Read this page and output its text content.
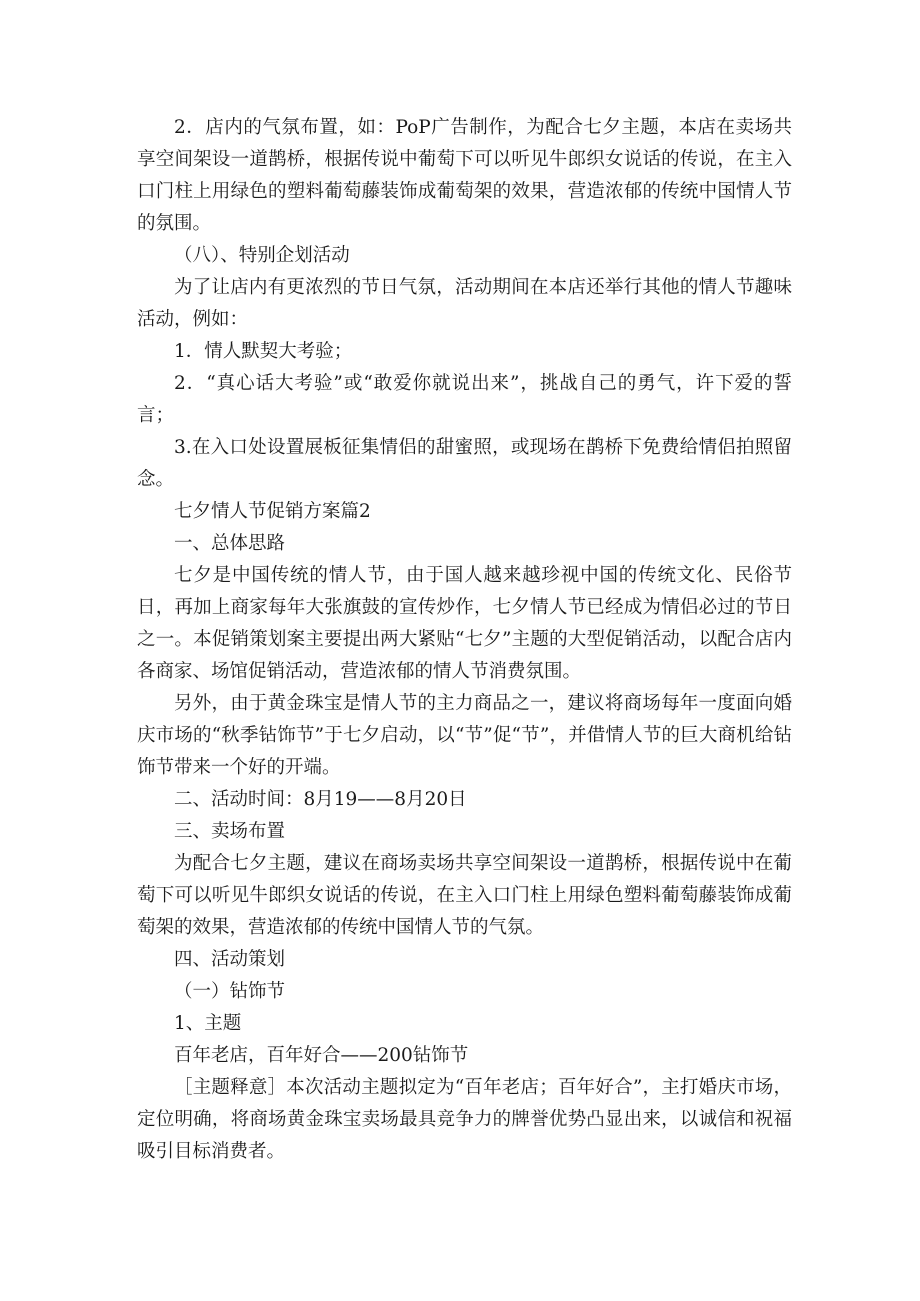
2．店内的气氛布置，如：PoP广告制作，为配合七夕主题，本店在卖场共享空间架设一道鹊桥，根据传说中葡萄下可以听见牛郎织女说话的传说，在主入口门柱上用绿色的塑料葡萄藤装饰成葡萄架的效果，营造浓郁的传统中国情人节的氛围。

（八）、特别企划活动

为了让店内有更浓烈的节日气氛，活动期间在本店还举行其他的情人节趣味活动，例如：

1．情人默契大考验；

2．“真心话大考验”或“敢爱你就说出来”，挑战自己的勇气，许下爱的誓言；

3.在入口处设置展板征集情侣的甜蜜照，或现场在鹊桥下免费给情侣拍照留念。

七夕情人节促销方案篇2

一、总体思路

七夕是中国传统的情人节，由于国人越来越珍视中国的传统文化、民俗节日，再加上商家每年大张旗鼓的宣传炒作，七夕情人节已经成为情侣必过的节日之一。本促销策划案主要提出两大紧贴“七夕”主题的大型促销活动，以配合店内各商家、场馆促销活动，营造浓郁的情人节消费氛围。

另外，由于黄金珠宝是情人节的主力商品之一，建议将商场每年一度面向婚庆市场的“秋季钻饰节”于七夕启动，以“节”促“节”，并借情人节的巨大商机给钻饰节带来一个好的开端。

二、活动时间：8月19——8月20日

三、卖场布置

为配合七夕主题，建议在商场卖场共享空间架设一道鹊桥，根据传说中在葡萄下可以听见牛郎织女说话的传说，在主入口门柱上用绿色塑料葡萄藤装饰成葡萄架的效果，营造浓郁的传统中国情人节的气氛。

四、活动策划

（一）钻饰节

1、主题

百年老店，百年好合——200钻饰节

［主题释意］本次活动主题拟定为“百年老店；百年好合”，主打婚庆市场，定位明确，将商场黄金珠宝卖场最具竞争力的牌誉优势凸显出来，以诚信和祝福吸引目标消费者。
